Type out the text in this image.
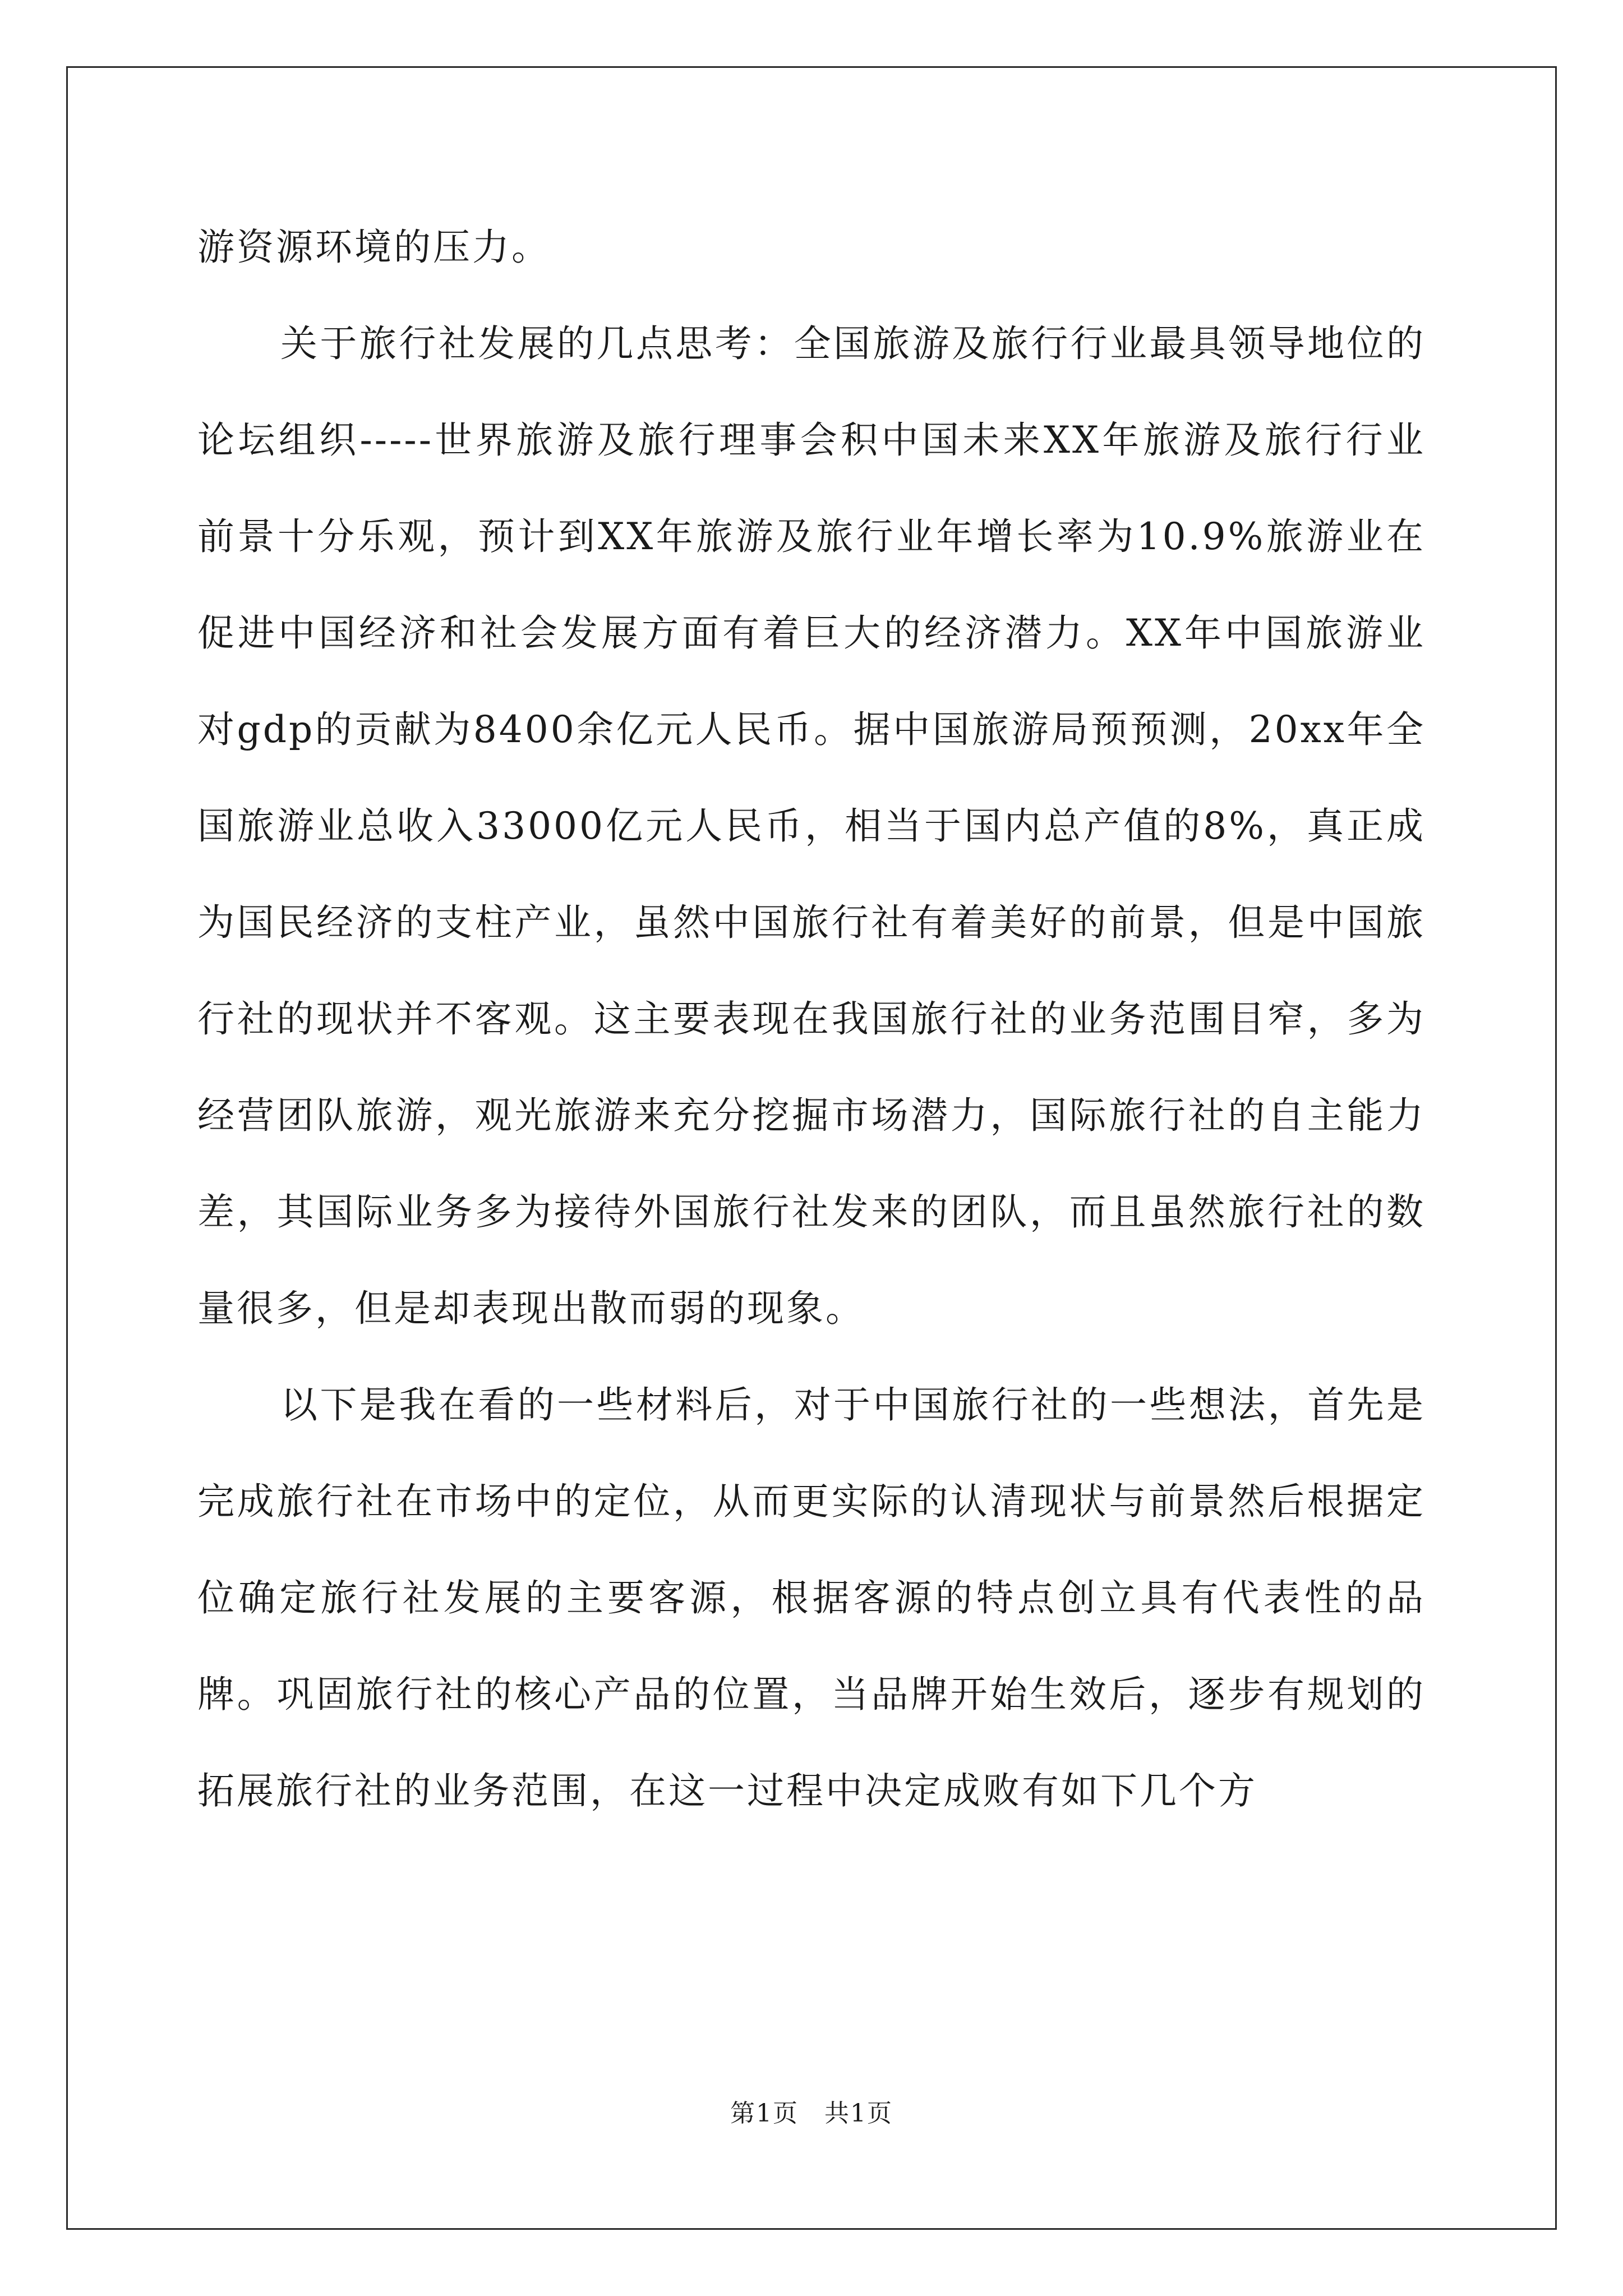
游资源环境的压力。

关于旅行社发展的几点思考：全国旅游及旅行行业最具领导地位的论坛组织-----世界旅游及旅行理事会积中国未来XX年旅游及旅行行业前景十分乐观，预计到XX年旅游及旅行业年增长率为10.9%旅游业在促进中国经济和社会发展方面有着巨大的经济潜力。XX年中国旅游业对gdp的贡献为8400余亿元人民币。据中国旅游局预预测，20xx年全国旅游业总收入33000亿元人民币，相当于国内总产值的8%，真正成为国民经济的支柱产业，虽然中国旅行社有着美好的前景，但是中国旅行社的现状并不客观。这主要表现在我国旅行社的业务范围目窄，多为经营团队旅游，观光旅游来充分挖掘市场潜力，国际旅行社的自主能力差，其国际业务多为接待外国旅行社发来的团队，而且虽然旅行社的数量很多，但是却表现出散而弱的现象。

以下是我在看的一些材料后，对于中国旅行社的一些想法，首先是完成旅行社在市场中的定位，从而更实际的认清现状与前景然后根据定位确定旅行社发展的主要客源，根据客源的特点创立具有代表性的品牌。巩固旅行社的核心产品的位置，当品牌开始生效后，逐步有规划的拓展旅行社的业务范围，在这一过程中决定成败有如下几个方

第1页 共1页
